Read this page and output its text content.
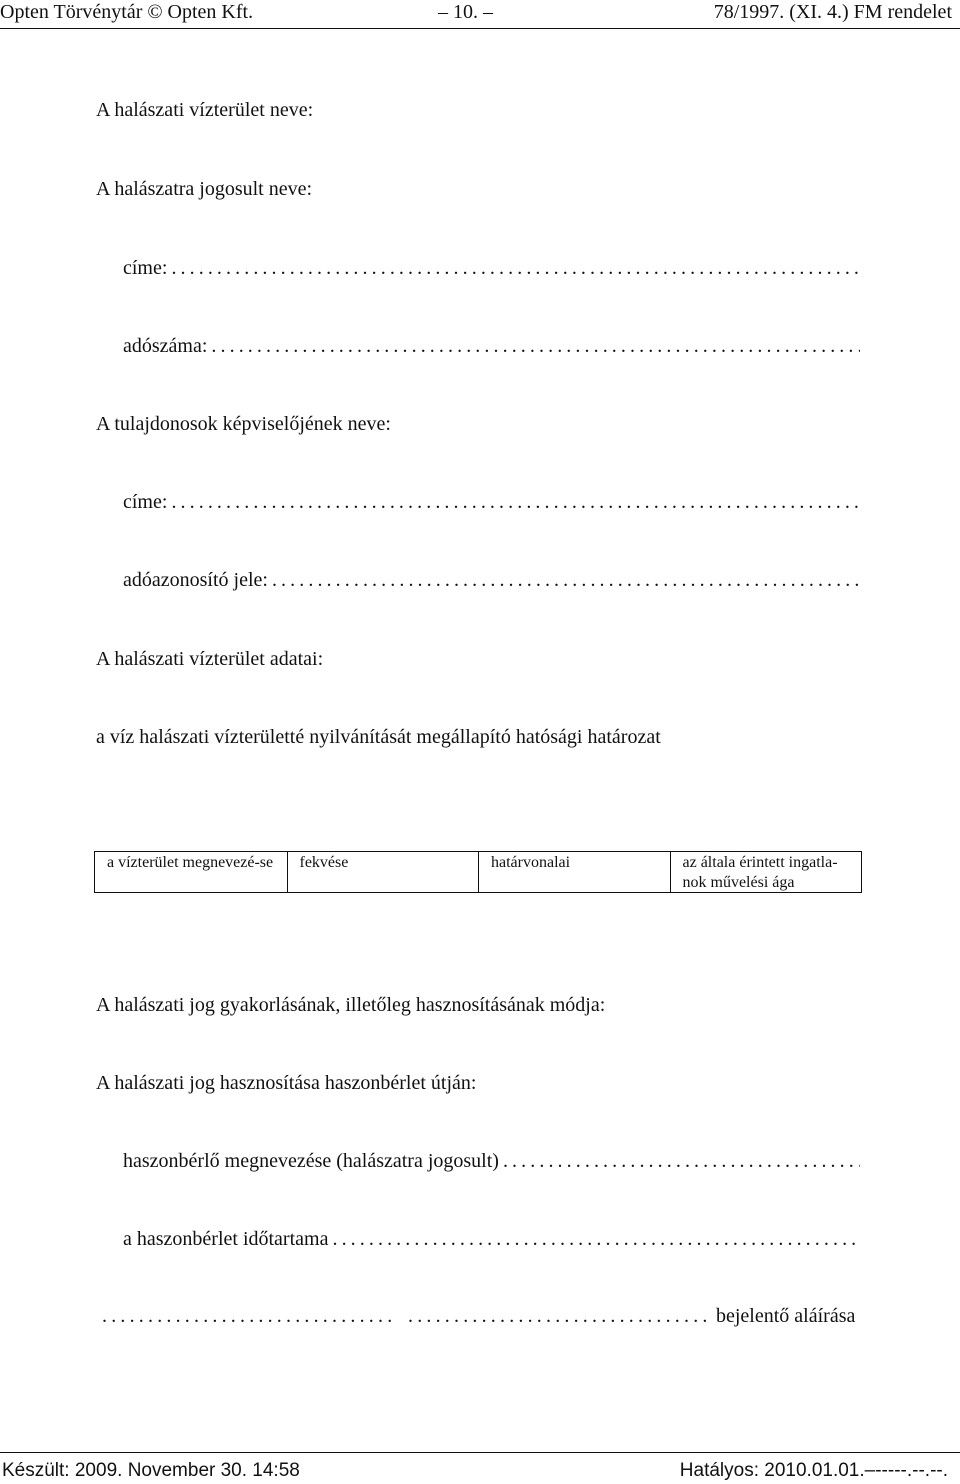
Opten Törvénytár © Opten Kft.	– 10. –	78/1997. (XI. 4.) FM rendelet
A halászati vízterület neve:
A halászatra jogosult neve:
címe:
.....
adószáma:
.....
A tulajdonosok képviselőjének neve:
címe:
.....
adóazonosító jele:
.....
A halászati vízterület adatai:
a víz halászati vízterületté nyilvánítását megállapító hatósági határozat
a vízterület megnevezé-se	fekvése	határvonalai	az általa érintett ingatla-nok művelési ága
A halászati jog gyakorlásának, illetőleg hasznosításának módja:
A halászati jog hasznosítása haszonbérlet útján:
haszonbérlő megnevezése (halászatra jogosult)
.....
a haszonbérlet időtartama
.....
.....
.....
bejelentő aláírása
Készült: 2009. November 30. 14:58	Hatályos: 2010.01.01.–-----.--.--.
